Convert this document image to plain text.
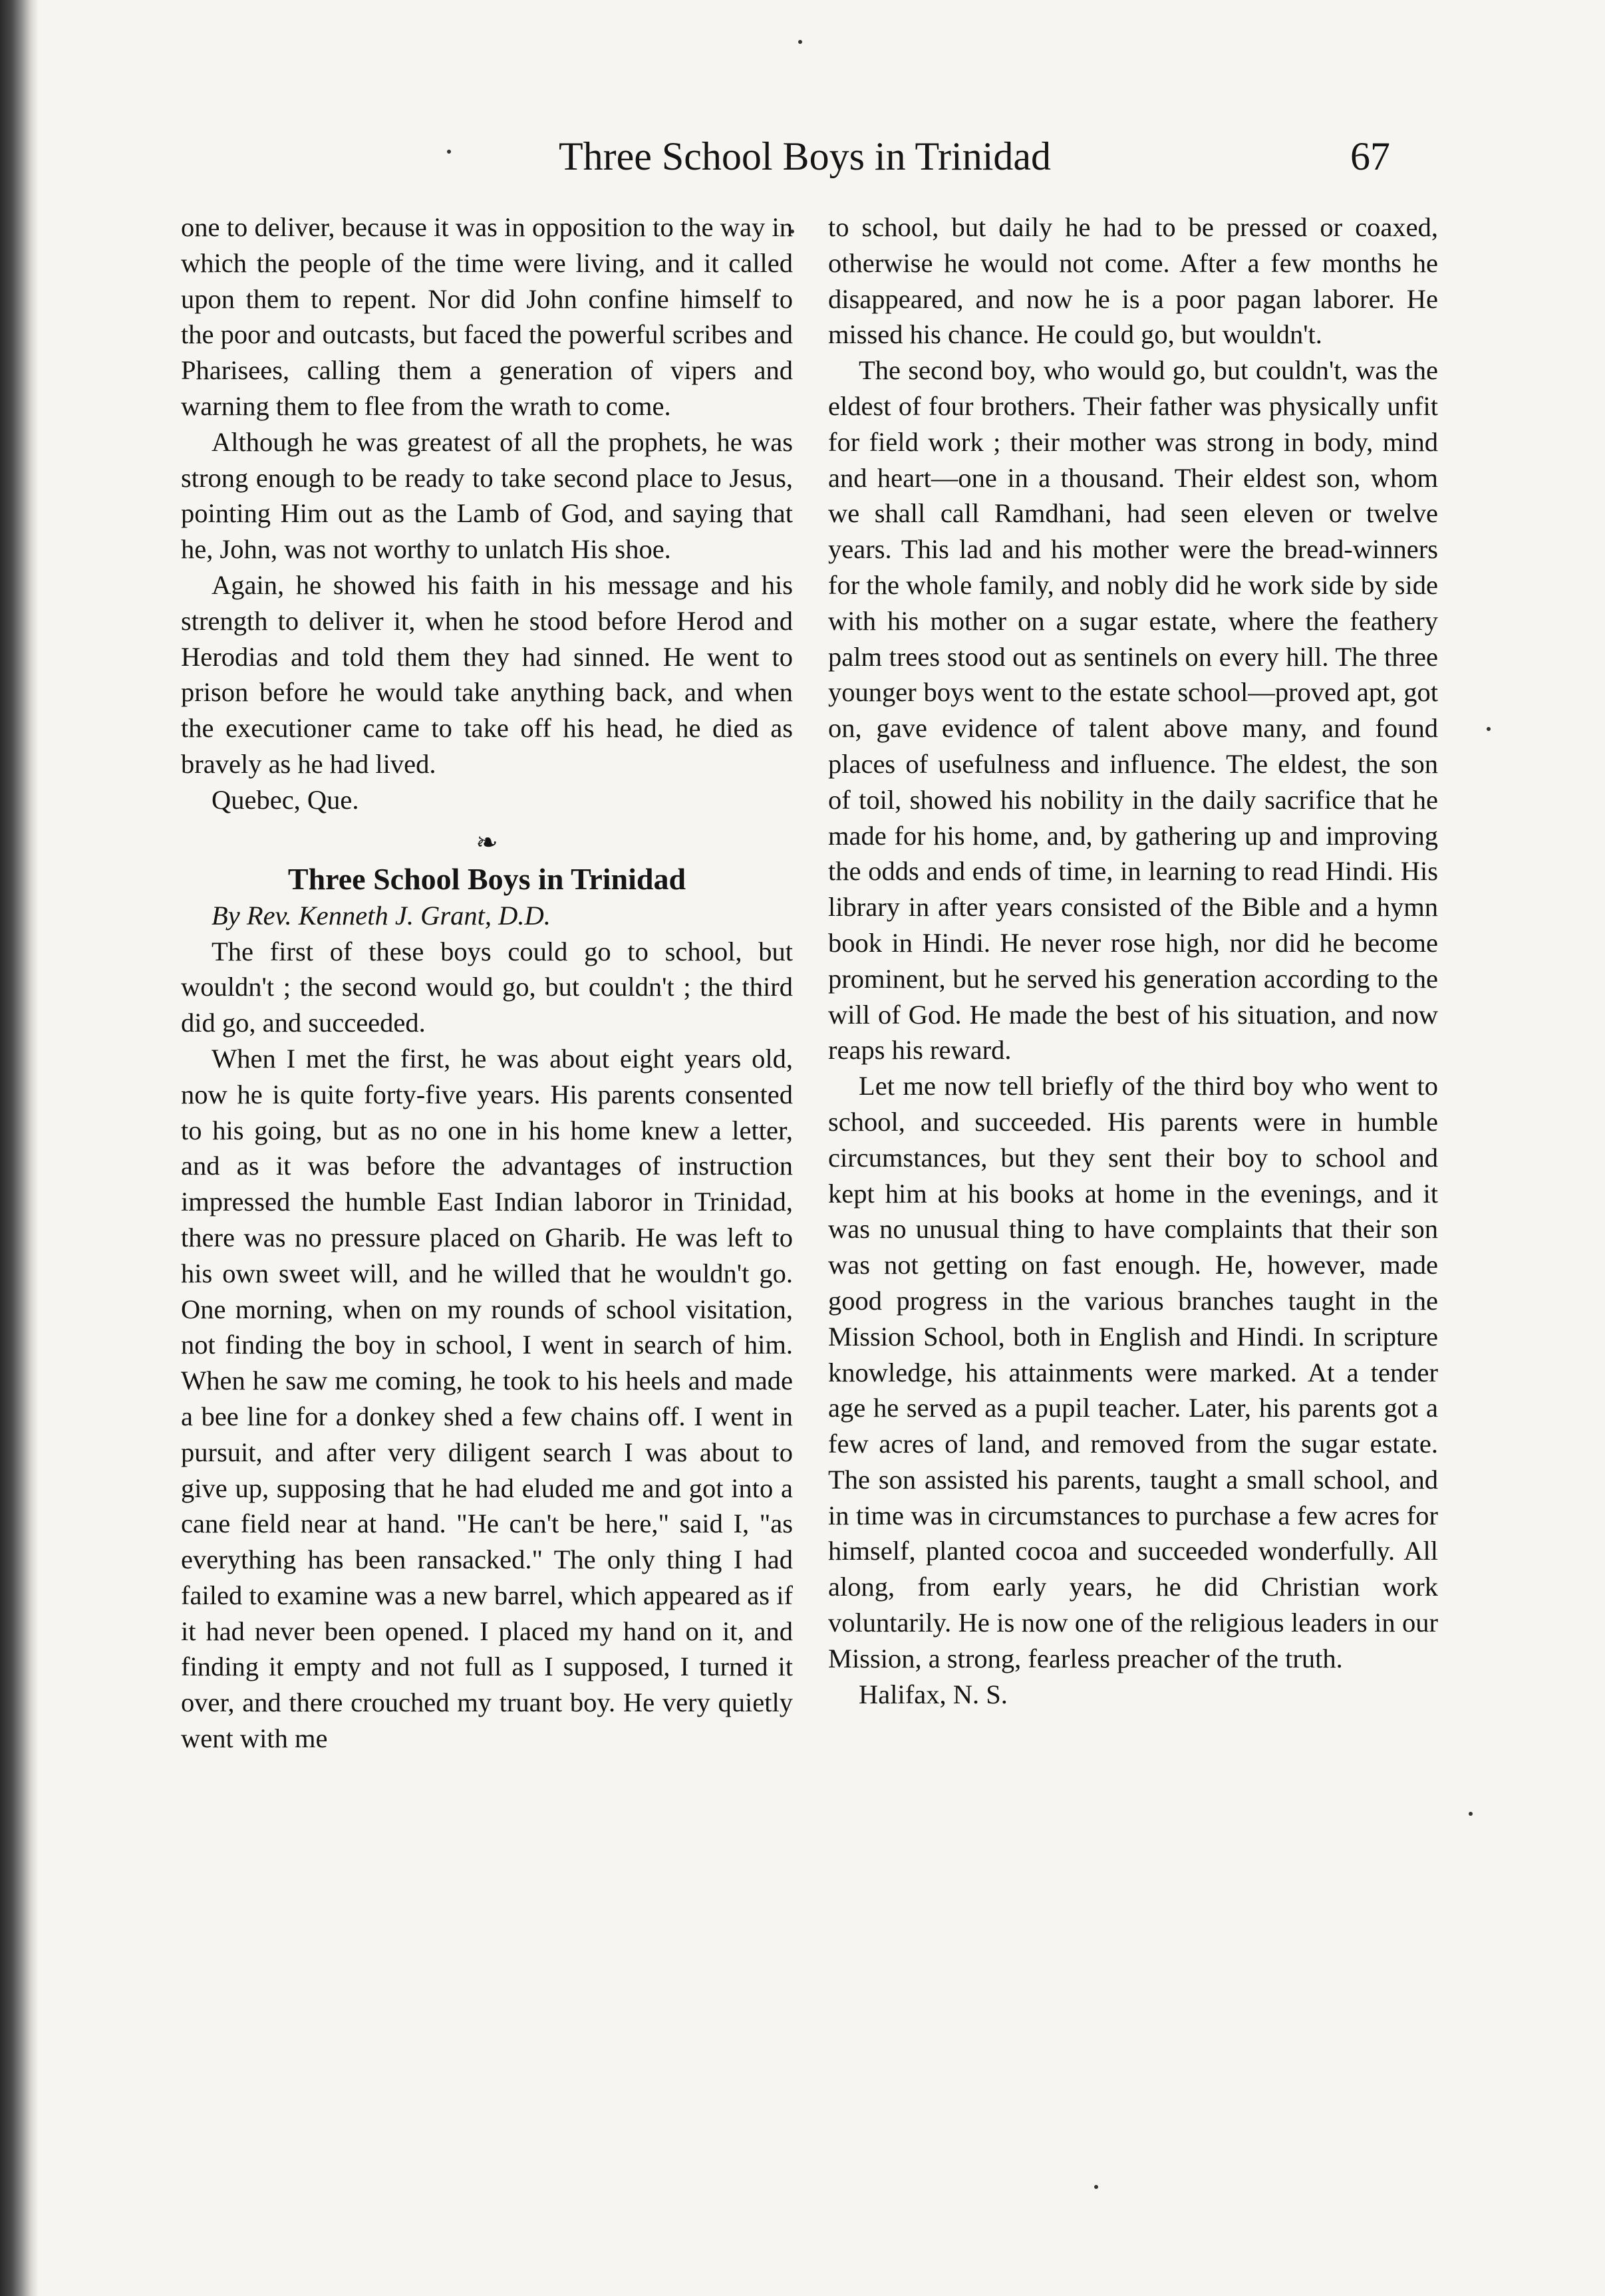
Three School Boys in Trinidad	67

one to deliver, because it was in opposition to the way in which the people of the time were living, and it called upon them to repent. Nor did John confine himself to the poor and outcasts, but faced the powerful scribes and Pharisees, calling them a generation of vipers and warning them to flee from the wrath to come.

Although he was greatest of all the prophets, he was strong enough to be ready to take second place to Jesus, pointing Him out as the Lamb of God, and saying that he, John, was not worthy to unlatch His shoe.

Again, he showed his faith in his message and his strength to deliver it, when he stood before Herod and Herodias and told them they had sinned. He went to prison before he would take anything back, and when the executioner came to take off his head, he died as bravely as he had lived.

Quebec, Que.

❧
Three School Boys in Trinidad

By Rev. Kenneth J. Grant, D.D.

The first of these boys could go to school, but wouldn't ; the second would go, but couldn't ; the third did go, and succeeded.

When I met the first, he was about eight years old, now he is quite forty-five years. His parents consented to his going, but as no one in his home knew a letter, and as it was before the advantages of instruction impressed the humble East Indian laboror in Trinidad, there was no pressure placed on Gharib. He was left to his own sweet will, and he willed that he wouldn't go. One morning, when on my rounds of school visitation, not finding the boy in school, I went in search of him. When he saw me coming, he took to his heels and made a bee line for a donkey shed a few chains off. I went in pursuit, and after very diligent search I was about to give up, supposing that he had eluded me and got into a cane field near at hand. "He can't be here," said I, "as everything has been ransacked." The only thing I had failed to examine was a new barrel, which appeared as if it had never been opened. I placed my hand on it, and finding it empty and not full as I supposed, I turned it over, and there crouched my truant boy. He very quietly went with me

to school, but daily he had to be pressed or coaxed, otherwise he would not come. After a few months he disappeared, and now he is a poor pagan laborer. He missed his chance. He could go, but wouldn't.

The second boy, who would go, but couldn't, was the eldest of four brothers. Their father was physically unfit for field work ; their mother was strong in body, mind and heart—one in a thousand. Their eldest son, whom we shall call Ramdhani, had seen eleven or twelve years. This lad and his mother were the bread-winners for the whole family, and nobly did he work side by side with his mother on a sugar estate, where the feathery palm trees stood out as sentinels on every hill. The three younger boys went to the estate school—proved apt, got on, gave evidence of talent above many, and found places of usefulness and influence. The eldest, the son of toil, showed his nobility in the daily sacrifice that he made for his home, and, by gathering up and improving the odds and ends of time, in learning to read Hindi. His library in after years consisted of the Bible and a hymn book in Hindi. He never rose high, nor did he become prominent, but he served his generation according to the will of God. He made the best of his situation, and now reaps his reward.

Let me now tell briefly of the third boy who went to school, and succeeded. His parents were in humble circumstances, but they sent their boy to school and kept him at his books at home in the evenings, and it was no unusual thing to have complaints that their son was not getting on fast enough. He, however, made good progress in the various branches taught in the Mission School, both in English and Hindi. In scripture knowledge, his attainments were marked. At a tender age he served as a pupil teacher. Later, his parents got a few acres of land, and removed from the sugar estate. The son assisted his parents, taught a small school, and in time was in circumstances to purchase a few acres for himself, planted cocoa and succeeded wonderfully. All along, from early years, he did Christian work voluntarily. He is now one of the religious leaders in our Mission, a strong, fearless preacher of the truth.

Halifax, N. S.
